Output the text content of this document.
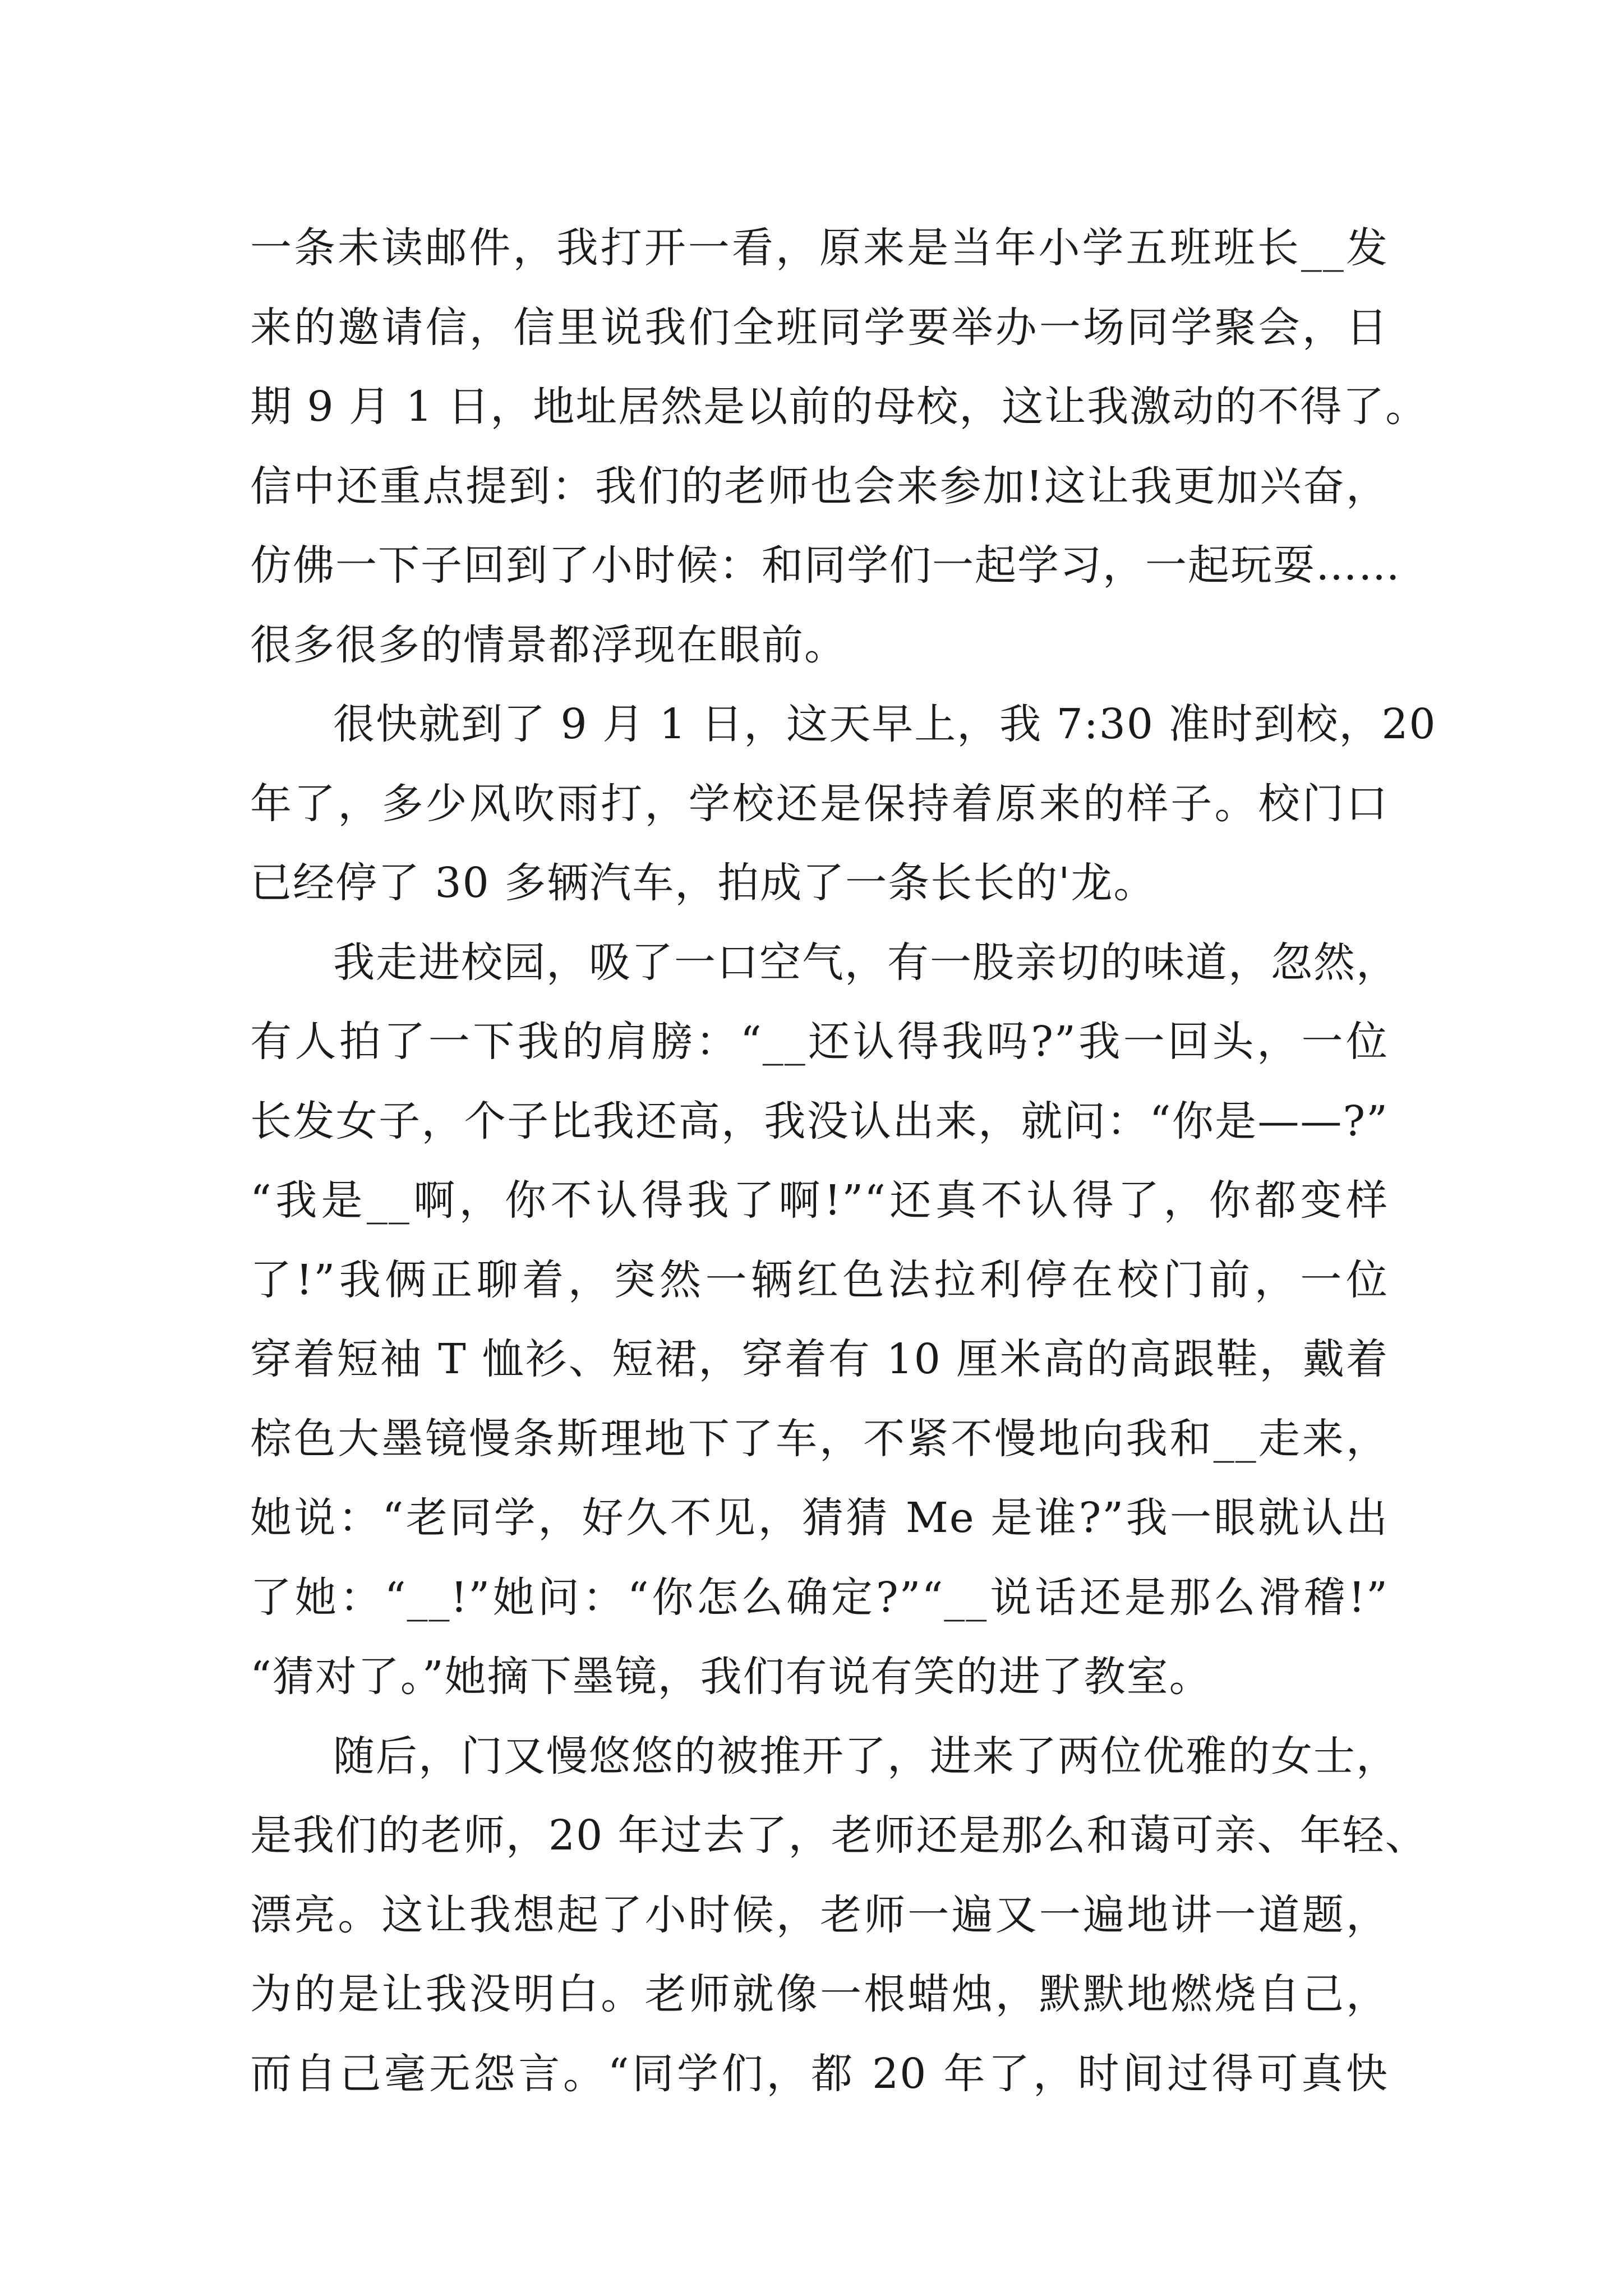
一条未读邮件，我打开一看，原来是当年小学五班班长__发
来的邀请信，信里说我们全班同学要举办一场同学聚会，日
期 9 月 1 日，地址居然是以前的母校，这让我激动的不得了。
信中还重点提到：我们的老师也会来参加!这让我更加兴奋，
仿佛一下子回到了小时候：和同学们一起学习，一起玩耍……
很多很多的情景都浮现在眼前。
很快就到了 9 月 1 日，这天早上，我 7:30 准时到校，20
年了，多少风吹雨打，学校还是保持着原来的样子。校门口
已经停了 30 多辆汽车，拍成了一条长长的'龙。
我走进校园，吸了一口空气，有一股亲切的味道，忽然，
有人拍了一下我的肩膀：“__还认得我吗?”我一回头，一位
长发女子，个子比我还高，我没认出来，就问：“你是——?”
“我是__啊，你不认得我了啊!”“还真不认得了，你都变样
了!”我俩正聊着，突然一辆红色法拉利停在校门前，一位
穿着短袖 T 恤衫、短裙，穿着有 10 厘米高的高跟鞋，戴着
棕色大墨镜慢条斯理地下了车，不紧不慢地向我和__走来，
她说：“老同学，好久不见，猜猜 Me 是谁?”我一眼就认出
了她：“__!”她问：“你怎么确定?”“__说话还是那么滑稽!”
“猜对了。”她摘下墨镜，我们有说有笑的进了教室。
随后，门又慢悠悠的被推开了，进来了两位优雅的女士，
是我们的老师，20 年过去了，老师还是那么和蔼可亲、年轻、
漂亮。这让我想起了小时候，老师一遍又一遍地讲一道题，
为的是让我没明白。老师就像一根蜡烛，默默地燃烧自己，
而自己毫无怨言。“同学们，都 20 年了，时间过得可真快
